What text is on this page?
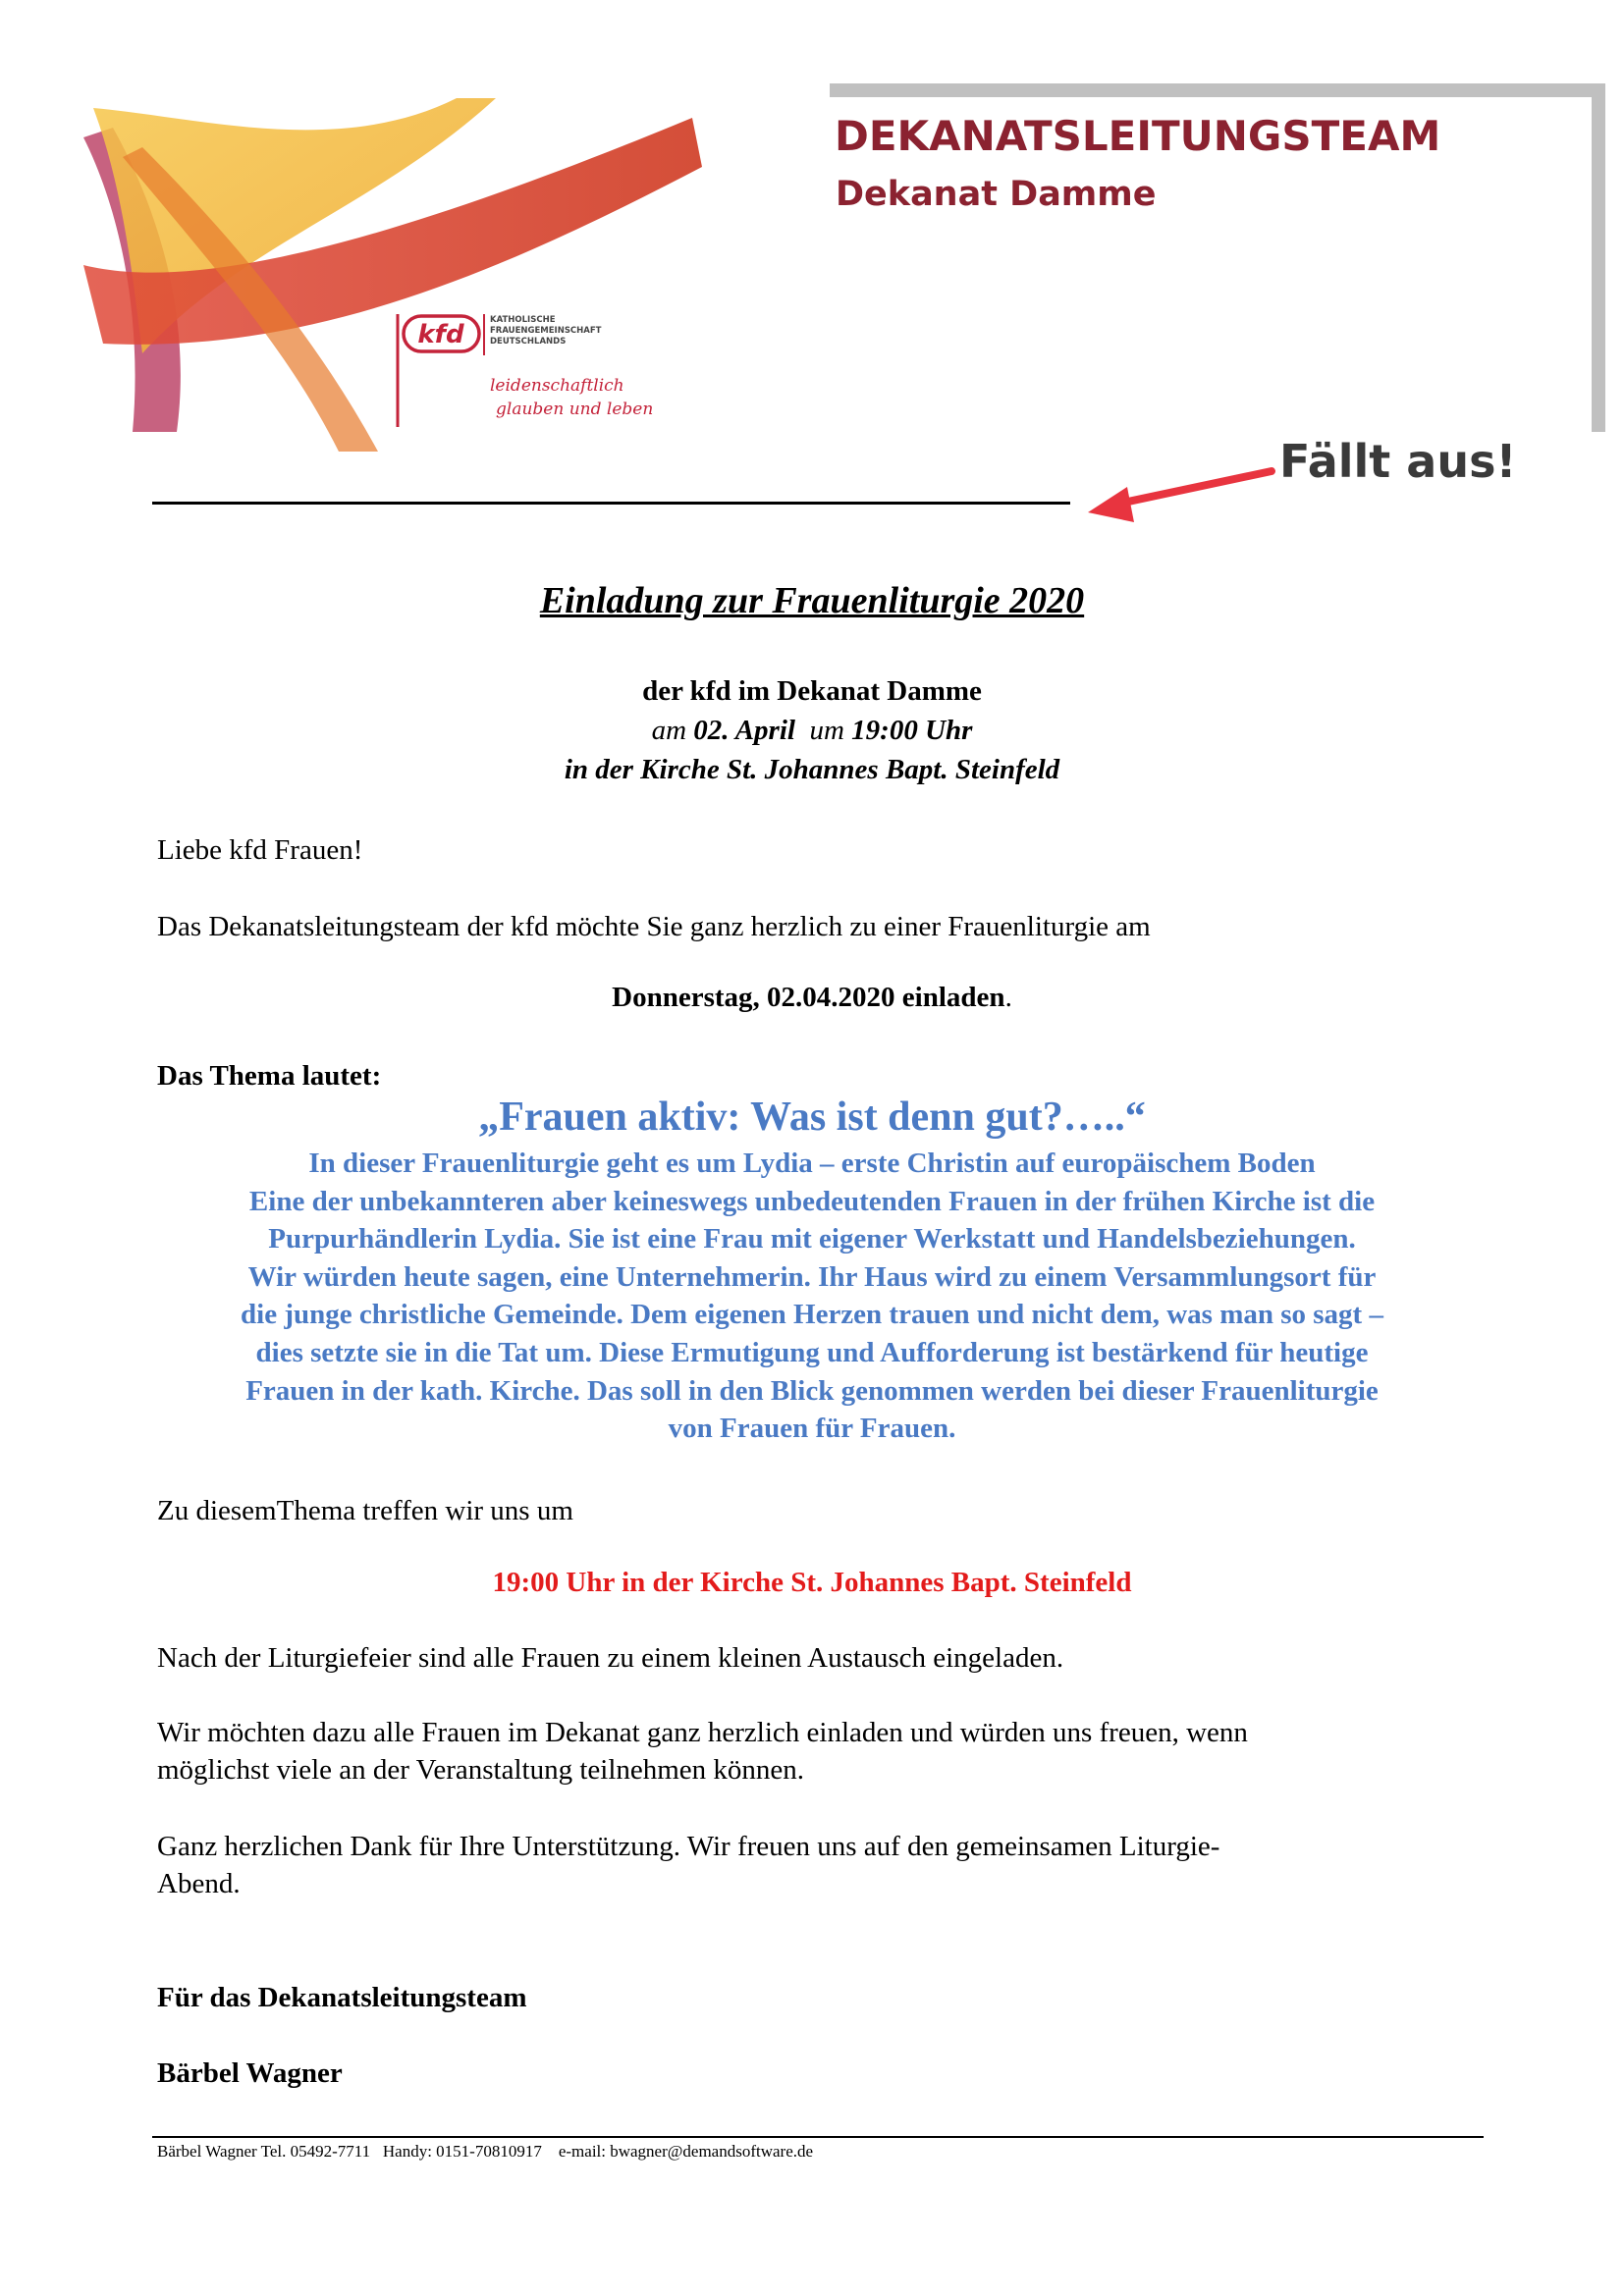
kfd	KATHOLISCHE
FRAUENGEMEINSCHAFT
DEUTSCHLANDS
leidenschaftlich
glauben und leben
DEKANATSLEITUNGSTEAM
Dekanat Damme
Fällt aus!
Einladung zur Frauenliturgie 2020
der kfd im Dekanat Damme
am 02. April  um 19:00 Uhr
in der Kirche St. Johannes Bapt. Steinfeld
Liebe kfd Frauen!
Das Dekanatsleitungsteam der kfd möchte Sie ganz herzlich zu einer Frauenliturgie am
Donnerstag, 02.04.2020 einladen.
Das Thema lautet:
„Frauen aktiv: Was ist denn gut?…..“
In dieser Frauenliturgie geht es um Lydia – erste Christin auf europäischem Boden
Eine der unbekannteren aber keineswegs unbedeutenden Frauen in der frühen Kirche ist die
Purpurhändlerin Lydia. Sie ist eine Frau mit eigener Werkstatt und Handelsbeziehungen.
Wir würden heute sagen, eine Unternehmerin. Ihr Haus wird zu einem Versammlungsort für
die junge christliche Gemeinde. Dem eigenen Herzen trauen und nicht dem, was man so sagt –
dies setzte sie in die Tat um. Diese Ermutigung und Aufforderung ist bestärkend für heutige
Frauen in der kath. Kirche. Das soll in den Blick genommen werden bei dieser Frauenliturgie
von Frauen für Frauen.
Zu diesemThema treffen wir uns um
19:00 Uhr in der Kirche St. Johannes Bapt. Steinfeld
Nach der Liturgiefeier sind alle Frauen zu einem kleinen Austausch eingeladen.
Wir möchten dazu alle Frauen im Dekanat ganz herzlich einladen und würden uns freuen, wenn
möglichst viele an der Veranstaltung teilnehmen können.
Ganz herzlichen Dank für Ihre Unterstützung. Wir freuen uns auf den gemeinsamen Liturgie-
Abend.
Für das Dekanatsleitungsteam
Bärbel Wagner
Bärbel Wagner Tel. 05492-7711   Handy: 0151-70810917    e-mail: bwagner@demandsoftware.de
